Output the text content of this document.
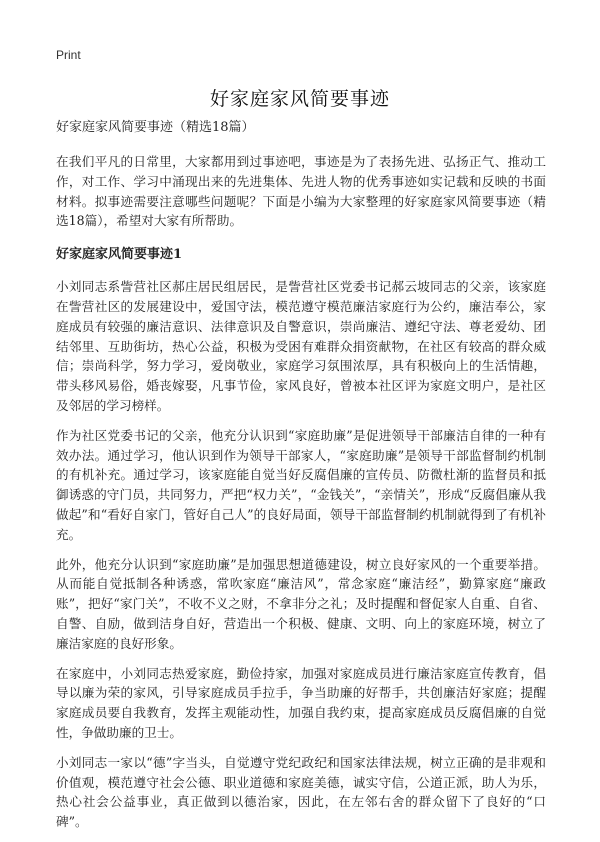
Print
好家庭家风简要事迹

好家庭家风简要事迹（精选18篇）

在我们平凡的日常里，大家都用到过事迹吧，事迹是为了表扬先进、弘扬正气、推动工作，对工作、学习中涌现出来的先进集体、先进人物的优秀事迹如实记载和反映的书面材料。拟事迹需要注意哪些问题呢？下面是小编为大家整理的好家庭家风简要事迹（精选18篇），希望对大家有所帮助。

好家庭家风简要事迹1

小刘同志系訾营社区郝庄居民组居民，是訾营社区党委书记郝云坡同志的父亲，该家庭在訾营社区的发展建设中，爱国守法，模范遵守模范廉洁家庭行为公约，廉洁奉公，家庭成员有较强的廉洁意识、法律意识及自警意识，崇尚廉洁、遵纪守法、尊老爱幼、团结邻里、互助街坊，热心公益，积极为受困有难群众捐资献物，在社区有较高的群众威信；崇尚科学，努力学习，爱岗敬业，家庭学习氛围浓厚，具有积极向上的生活情趣，带头移风易俗，婚丧嫁娶，凡事节俭，家风良好，曾被本社区评为家庭文明户，是社区及邻居的学习榜样。

作为社区党委书记的父亲，他充分认识到“家庭助廉”是促进领导干部廉洁自律的一种有效办法。通过学习，他认识到作为领导干部家人，“家庭助廉”是领导干部监督制约机制的有机补充。通过学习，该家庭能自觉当好反腐倡廉的宣传员、防微杜渐的监督员和抵御诱惑的守门员，共同努力，严把“权力关”，“金钱关”，“亲情关”，形成“反腐倡廉从我做起”和“看好自家门，管好自己人”的良好局面，领导干部监督制约机制就得到了有机补充。

此外，他充分认识到“家庭助廉”是加强思想道德建设，树立良好家风的一个重要举措。从而能自觉抵制各种诱惑，常吹家庭“廉洁风”，常念家庭“廉洁经”，勤算家庭“廉政账”，把好“家门关”，不收不义之财，不拿非分之礼；及时提醒和督促家人自重、自省、自警、自励，做到洁身自好，营造出一个积极、健康、文明、向上的家庭环境，树立了廉洁家庭的良好形象。

在家庭中，小刘同志热爱家庭，勤俭持家，加强对家庭成员进行廉洁家庭宣传教育，倡导以廉为荣的家风，引导家庭成员手拉手，争当助廉的好帮手，共创廉洁好家庭；提醒家庭成员要自我教育，发挥主观能动性，加强自我约束，提高家庭成员反腐倡廉的自觉性，争做助廉的卫士。

小刘同志一家以“德”字当头，自觉遵守党纪政纪和国家法律法规，树立正确的是非观和价值观，模范遵守社会公德、职业道德和家庭美德，诚实守信，公道正派，助人为乐，热心社会公益事业，真正做到以德治家，因此，在左邻右舍的群众留下了良好的“口碑”。
